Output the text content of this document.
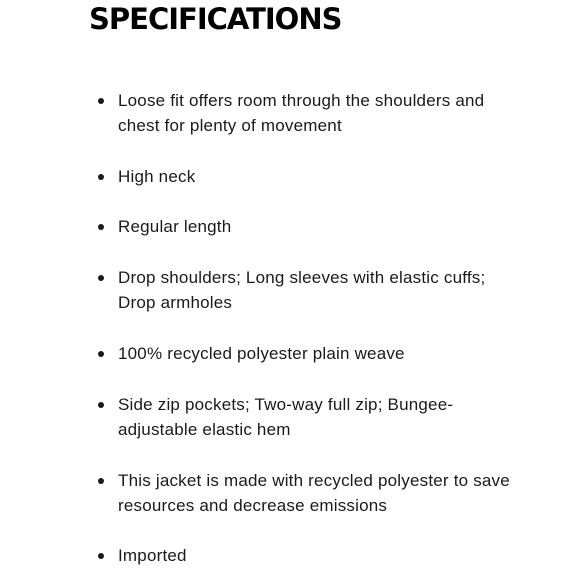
SPECIFICATIONS
Loose fit offers room through the shoulders and chest for plenty of movement
High neck
Regular length
Drop shoulders; Long sleeves with elastic cuffs; Drop armholes
100% recycled polyester plain weave
Side zip pockets; Two-way full zip; Bungee-adjustable elastic hem
This jacket is made with recycled polyester to save resources and decrease emissions
Imported
